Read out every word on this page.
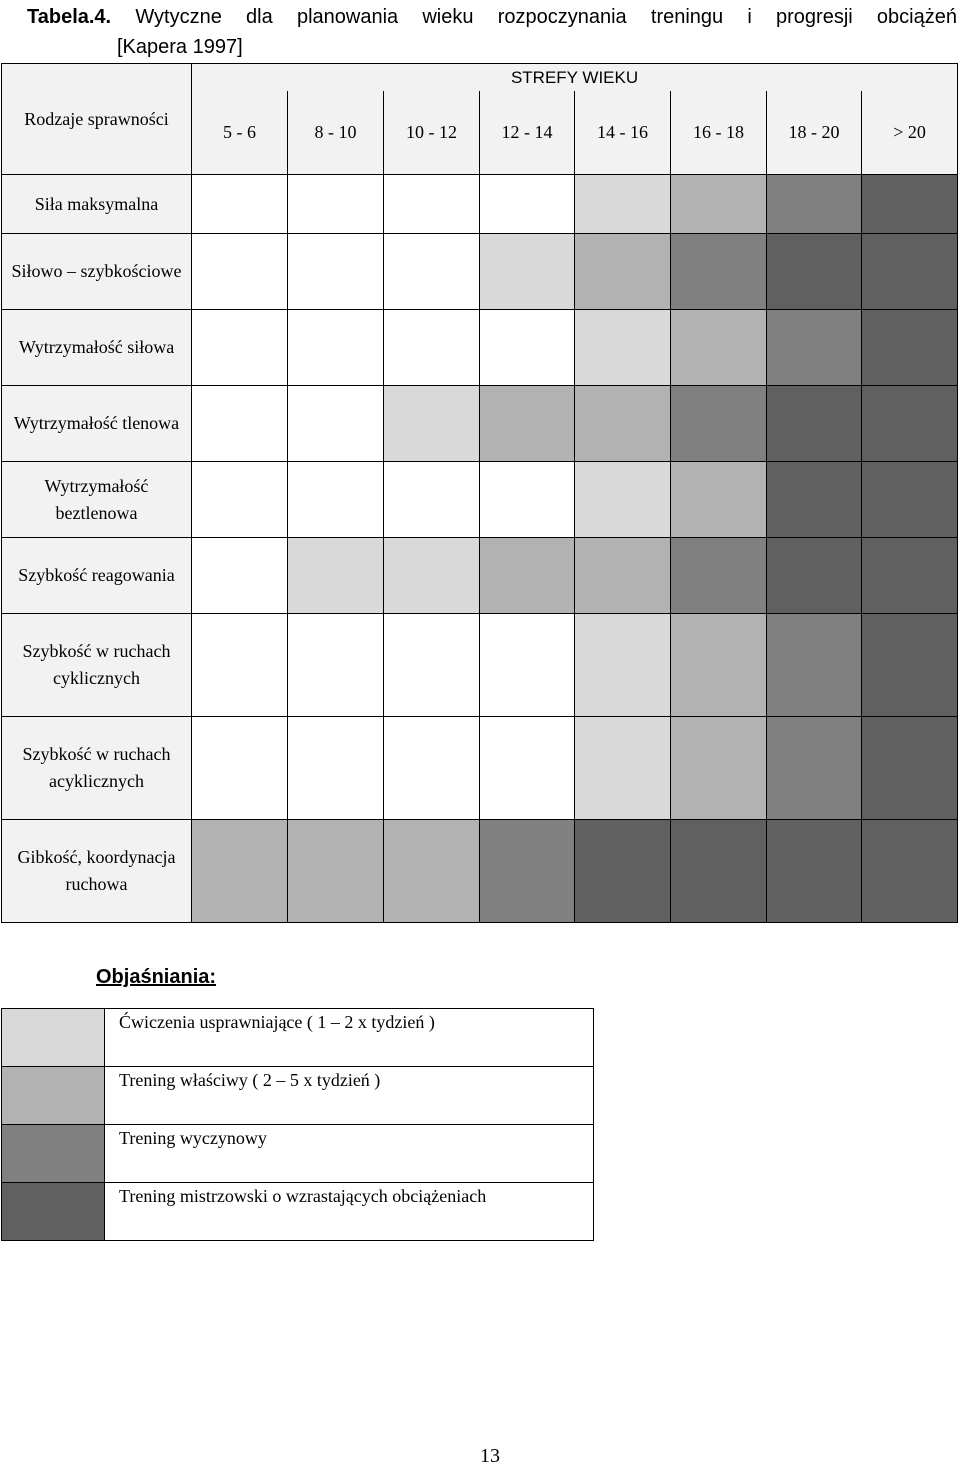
Tabela.4. Wytyczne dla planowania wieku rozpoczynania treningu i progresji obciążeń
[Kapera 1997]
Rodzaje sprawności	STREFY WIEKU							
	5 - 6	8 - 10	10 - 12	12 - 14	14 - 16	16 - 18	18 - 20	> 20
Siła maksymalna								
Siłowo – szybkościowe								
Wytrzymałość siłowa								
Wytrzymałość tlenowa								
Wytrzymałość beztlenowa								
Szybkość reagowania								
Szybkość w ruchach cyklicznych								
Szybkość w ruchach acyklicznych								
Gibkość, koordynacja ruchowa								
Objaśniania:
	Ćwiczenia usprawniające ( 1 – 2 x tydzień )
	Trening właściwy ( 2 – 5 x tydzień )
	Trening wyczynowy
	Trening mistrzowski o wzrastających obciążeniach
13
